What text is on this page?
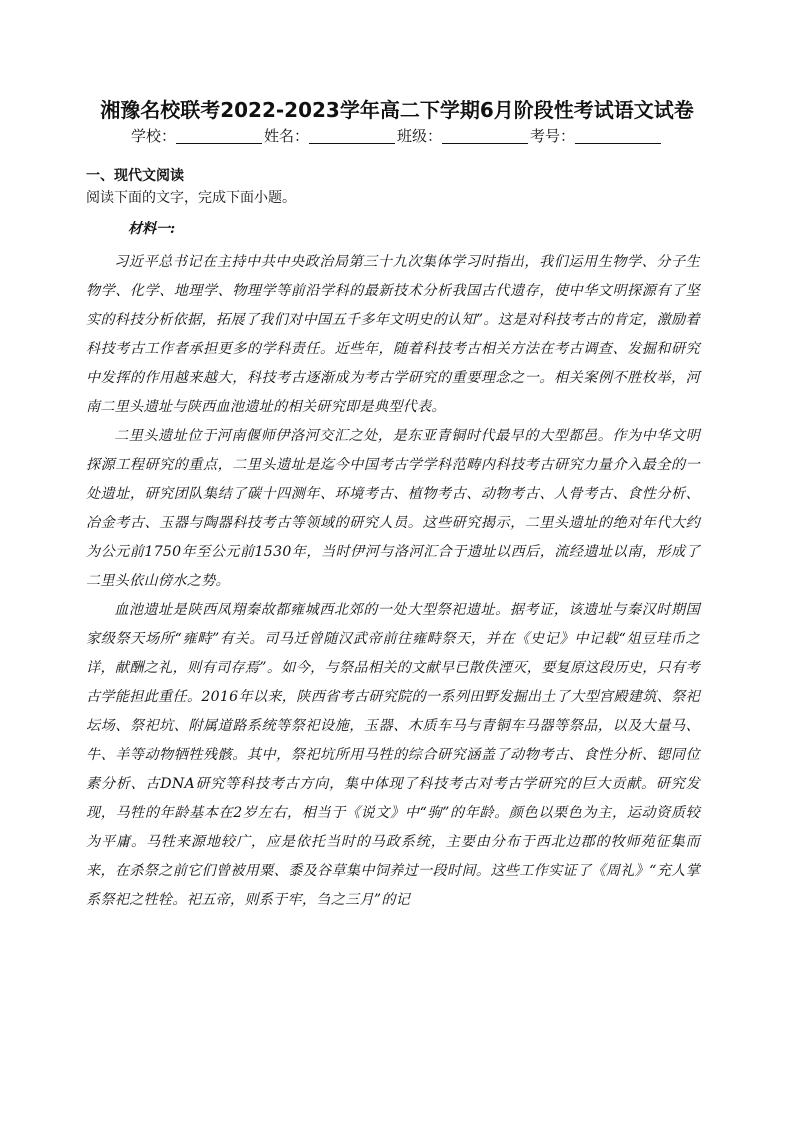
湘豫名校联考2022-2023学年高二下学期6月阶段性考试语文试卷
学校：	姓名：	班级：	考号：
一、现代文阅读
阅读下面的文字，完成下面小题。
材料一:

习近平总书记在主持中共中央政治局第三十九次集体学习时指出，我们运用生物学、分子生物学、化学、地理学、物理学等前沿学科的最新技术分析我国古代遗存，使中华文明探源有了坚实的科技分析依据，拓展了我们对中国五千多年文明史的认知”。这是对科技考古的肯定，激励着科技考古工作者承担更多的学科责任。近些年，随着科技考古相关方法在考古调查、发掘和研究中发挥的作用越来越大，科技考古逐渐成为考古学研究的重要理念之一。相关案例不胜枚举，河南二里头遗址与陕西血池遗址的相关研究即是典型代表。

二里头遗址位于河南偃师伊洛河交汇之处，是东亚青铜时代最早的大型都邑。作为中华文明探源工程研究的重点，二里头遗址是迄今中国考古学学科范畴内科技考古研究力量介入最全的一处遗址，研究团队集结了碳十四测年、环境考古、植物考古、动物考古、人骨考古、食性分析、冶金考古、玉器与陶器科技考古等领域的研究人员。这些研究揭示，二里头遗址的绝对年代大约为公元前1750年至公元前1530年，当时伊河与洛河汇合于遗址以西后，流经遗址以南，形成了二里头依山傍水之势。

血池遗址是陕西凤翔秦故都雍城西北郊的一处大型祭祀遗址。据考证，该遗址与秦汉时期国家级祭天场所“雍畤”有关。司马迁曾随汉武帝前往雍畤祭天，并在《史记》中记载“俎豆珪币之详，献酬之礼，则有司存焉”。如今，与祭品相关的文献早已散佚湮灭，要复原这段历史，只有考古学能担此重任。2016年以来，陕西省考古研究院的一系列田野发掘出土了大型宫殿建筑、祭祀坛场、祭祀坑、附属道路系统等祭祀设施，玉器、木质车马与青铜车马器等祭品，以及大量马、牛、羊等动物牺牲残骸。其中，祭祀坑所用马牲的综合研究涵盖了动物考古、食性分析、锶同位素分析、古DNA研究等科技考古方向，集中体现了科技考古对考古学研究的巨大贡献。研究发现，马牲的年龄基本在2岁左右，相当于《说文》中“驹”的年龄。颜色以栗色为主，运动资质较为平庸。马牲来源地较广，应是依托当时的马政系统，主要由分布于西北边郡的牧师苑征集而来，在杀祭之前它们曾被用粟、黍及谷草集中饲养过一段时间。这些工作实证了《周礼》“充人掌系祭祀之牲牷。祀五帝，则系于牢，刍之三月”的记
